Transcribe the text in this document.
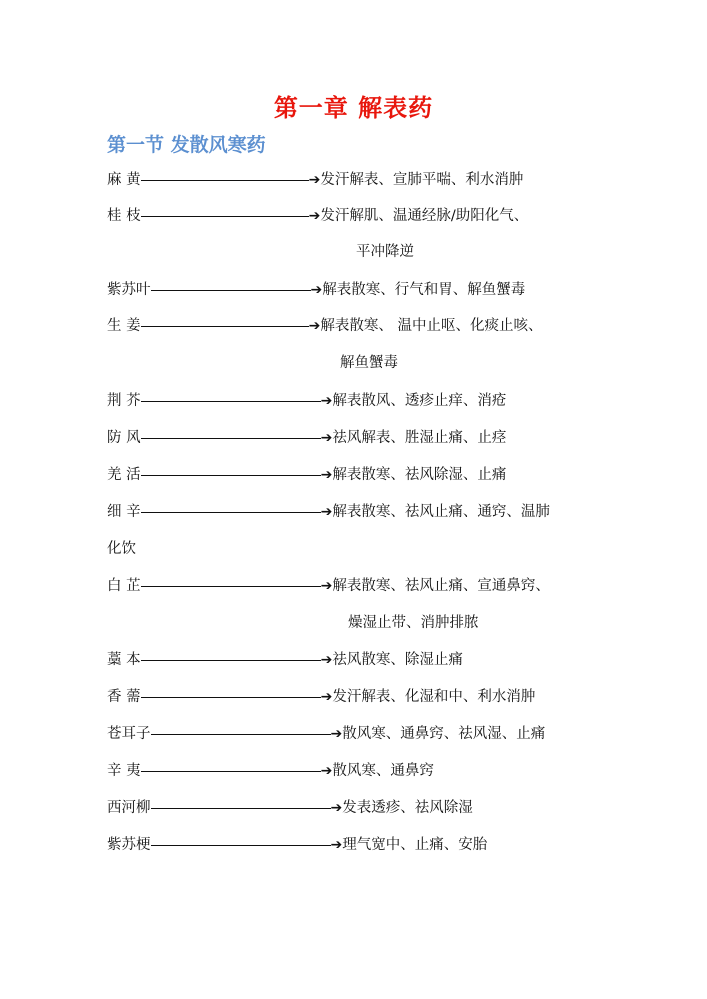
第一章 解表药
第一节 发散风寒药
麻 黄	➔发汗解表、宣肺平喘、利水消肿
桂 枝	➔发汗解肌、温通经脉/助阳化气、
平冲降逆
紫苏叶	➔解表散寒、行气和胃、解鱼蟹毒
生 姜	➔解表散寒、 温中止呕、化痰止咳、
解鱼蟹毒
荆 芥	➔解表散风、透疹止痒、消疮
防 风	➔祛风解表、胜湿止痛、止痉
羌 活	➔解表散寒、祛风除湿、止痛
细 辛	➔解表散寒、祛风止痛、通窍、温肺
化饮
白 芷	➔解表散寒、祛风止痛、宣通鼻窍、
燥湿止带、消肿排脓
藁 本	➔祛风散寒、除湿止痛
香 薷	➔发汗解表、化湿和中、利水消肿
苍耳子	➔散风寒、通鼻窍、祛风湿、止痛
辛 夷	➔散风寒、通鼻窍
西河柳	➔发表透疹、祛风除湿
紫苏梗	➔理气宽中、止痛、安胎
